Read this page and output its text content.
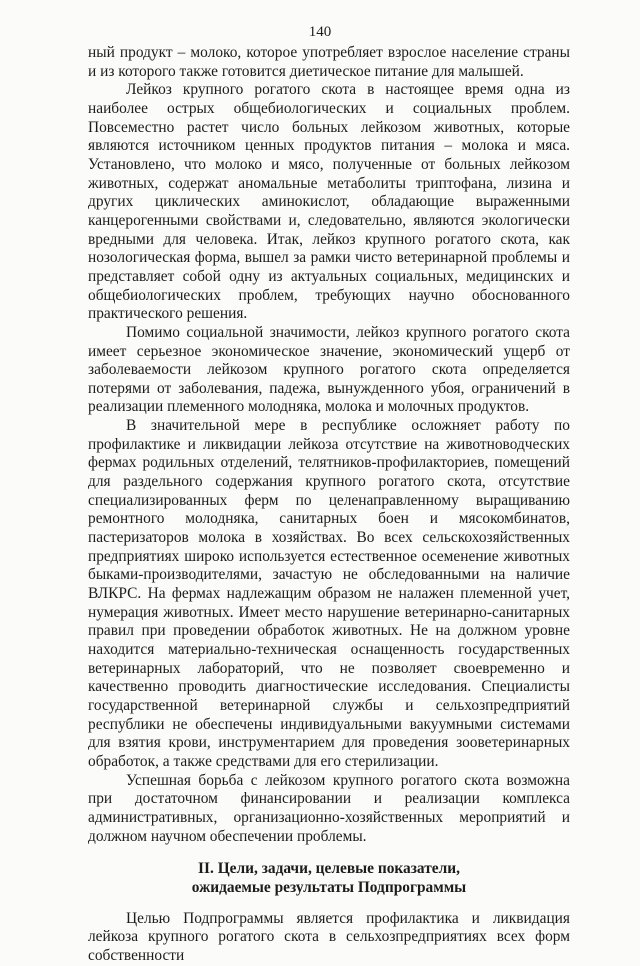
140

ный продукт – молоко, которое употребляет взрослое население страны и из которого также готовится диетическое питание для малышей.

Лейкоз крупного рогатого скота в настоящее время одна из наиболее острых общебиологических и социальных проблем. Повсеместно растет число больных лейкозом животных, которые являются источником ценных продуктов питания – молока и мяса. Установлено, что молоко и мясо, полученные от больных лейкозом животных, содержат аномальные метаболиты триптофана, лизина и других циклических аминокислот, обладающие выраженными канцерогенными свойствами и, следовательно, являются экологически вредными для человека. Итак, лейкоз крупного рогатого скота, как нозологическая форма, вышел за рамки чисто ветеринарной проблемы и представляет собой одну из актуальных социальных, медицинских и общебиологических проблем, требующих научно обоснованного практического решения.

Помимо социальной значимости, лейкоз крупного рогатого скота имеет серьезное экономическое значение, экономический ущерб от заболеваемости лейкозом крупного рогатого скота определяется потерями от заболевания, падежа, вынужденного убоя, ограничений в реализации племенного молодняка, молока и молочных продуктов.

В значительной мере в республике осложняет работу по профилактике и ликвидации лейкоза отсутствие на животноводческих фермах родильных отделений, телятников-профилакториев, помещений для раздельного содержания крупного рогатого скота, отсутствие специализированных ферм по целенаправленному выращиванию ремонтного молодняка, санитарных боен и мясокомбинатов, пастеризаторов молока в хозяйствах. Во всех сельскохозяйственных предприятиях широко используется естественное осеменение животных быками-производителями, зачастую не обследованными на наличие ВЛКРС. На фермах надлежащим образом не налажен племенной учет, нумерация животных. Имеет место нарушение ветеринарно-санитарных правил при проведении обработок животных. Не на должном уровне находится материально-техническая оснащенность государственных ветеринарных лабораторий, что не позволяет своевременно и качественно проводить диагностические исследования. Специалисты государственной ветеринарной службы и сельхозпредприятий республики не обеспечены индивидуальными вакуумными системами для взятия крови, инструментарием для проведения зооветеринарных обработок, а также средствами для его стерилизации.

Успешная борьба с лейкозом крупного рогатого скота возможна при достаточном финансировании и реализации комплекса административных, организационно-хозяйственных мероприятий и должном научном обеспечении проблемы.

II. Цели, задачи, целевые показатели,
ожидаемые результаты Подпрограммы

Целью Подпрограммы является профилактика и ликвидация лейкоза крупного рогатого скота в сельхозпредприятиях всех форм собственности
